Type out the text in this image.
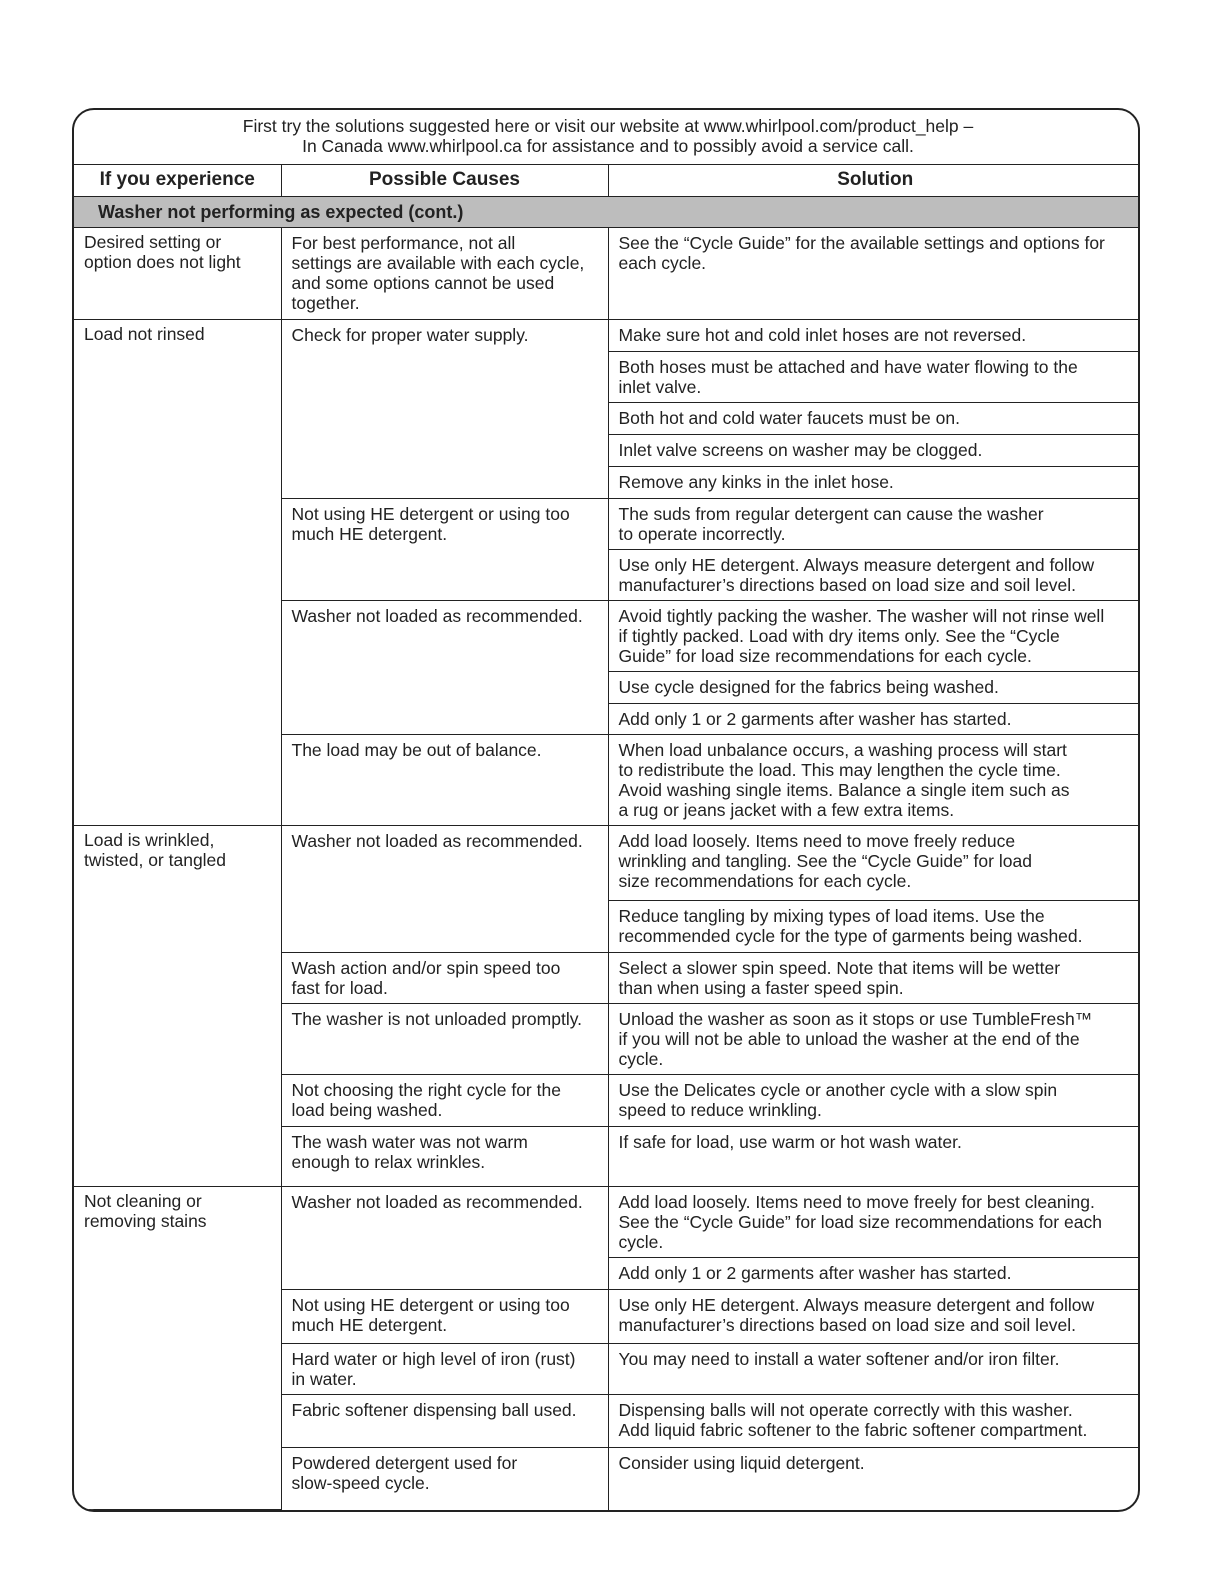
First try the solutions suggested here or visit our website at www.whirlpool.com/product_help –
In Canada www.whirlpool.ca for assistance and to possibly avoid a service call.		

If you experience	Possible Causes	Solution
Washer not performing as expected (cont.)		

Desired setting or
option does not light	For best performance, not all
settings are available with each cycle,
and some options cannot be used
together.	See the “Cycle Guide” for the available settings and options for
each cycle.

Load not rinsed	Check for proper water supply.	Make sure hot and cold inlet hoses are not reversed.

		Both hoses must be attached and have water flowing to the
inlet valve.

		Both hot and cold water faucets must be on.

		Inlet valve screens on washer may be clogged.

		Remove any kinks in the inlet hose.

	Not using HE detergent or using too
much HE detergent.	The suds from regular detergent can cause the washer
to operate incorrectly.

		Use only HE detergent. Always measure detergent and follow
manufacturer’s directions based on load size and soil level.

	Washer not loaded as recommended.	Avoid tightly packing the washer. The washer will not rinse well
if tightly packed. Load with dry items only. See the “Cycle
Guide” for load size recommendations for each cycle.

		Use cycle designed for the fabrics being washed.

		Add only 1 or 2 garments after washer has started.

	The load may be out of balance.	When load unbalance occurs, a washing process will start
to redistribute the load. This may lengthen the cycle time.
Avoid washing single items. Balance a single item such as
a rug or jeans jacket with a few extra items.

Load is wrinkled,
twisted, or tangled	Washer not loaded as recommended.	Add load loosely. Items need to move freely reduce
wrinkling and tangling. See the “Cycle Guide” for load
size recommendations for each cycle.

		Reduce tangling by mixing types of load items. Use the
recommended cycle for the type of garments being washed.

	Wash action and/or spin speed too
fast for load.	Select a slower spin speed. Note that items will be wetter
than when using a faster speed spin.

	The washer is not unloaded promptly.	Unload the washer as soon as it stops or use TumbleFresh™
if you will not be able to unload the washer at the end of the
cycle.

	Not choosing the right cycle for the
load being washed.	Use the Delicates cycle or another cycle with a slow spin
speed to reduce wrinkling.

	The wash water was not warm
enough to relax wrinkles.	If safe for load, use warm or hot wash water.

Not cleaning or
removing stains	Washer not loaded as recommended.	Add load loosely. Items need to move freely for best cleaning.
See the “Cycle Guide” for load size recommendations for each
cycle.

		Add only 1 or 2 garments after washer has started.

	Not using HE detergent or using too
much HE detergent.	Use only HE detergent. Always measure detergent and follow
manufacturer’s directions based on load size and soil level.

	Hard water or high level of iron (rust)
in water.	You may need to install a water softener and/or iron filter.

	Fabric softener dispensing ball used.	Dispensing balls will not operate correctly with this washer.
Add liquid fabric softener to the fabric softener compartment.

	Powdered detergent used for
slow-speed cycle.	Consider using liquid detergent.
